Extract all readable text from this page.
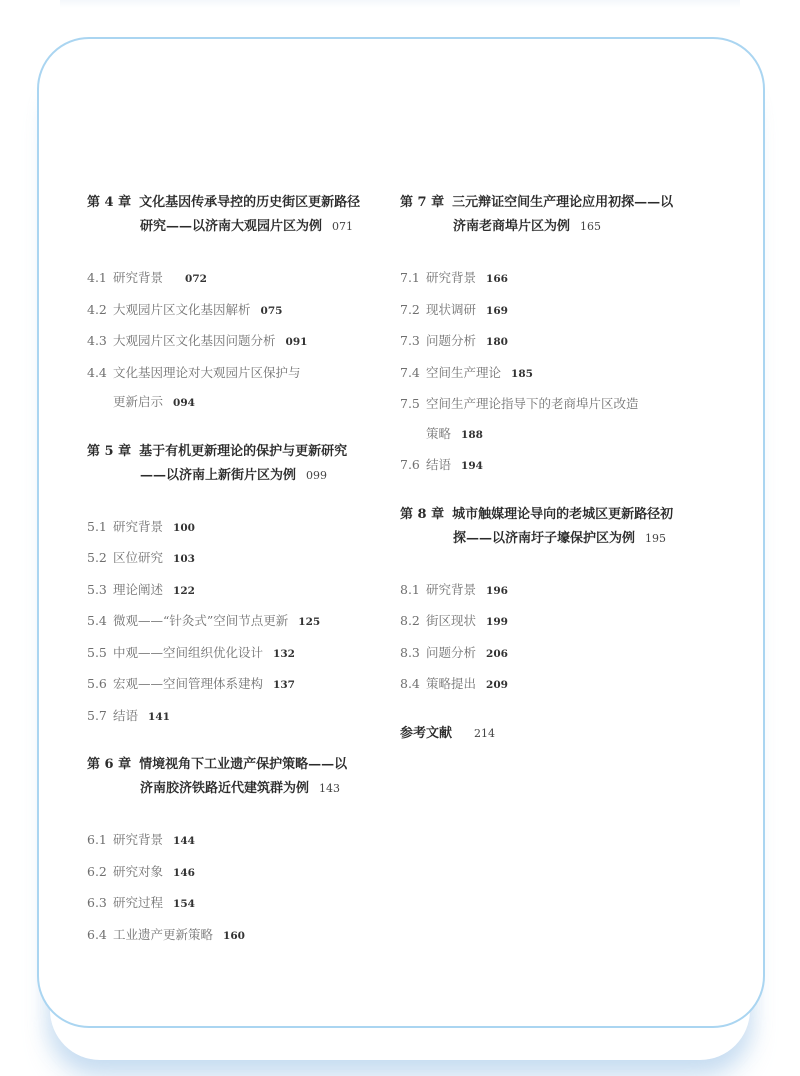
第 4 章 文化基因传承导控的历史街区更新路径
研究——以济南大观园片区为例 071
4.1 研究背景 072
4.2 大观园片区文化基因解析 075
4.3 大观园片区文化基因问题分析 091
4.4 文化基因理论对大观园片区保护与
更新启示 094
第 5 章 基于有机更新理论的保护与更新研究
——以济南上新街片区为例 099
5.1 研究背景 100
5.2 区位研究 103
5.3 理论阐述 122
5.4 微观——“针灸式”空间节点更新 125
5.5 中观——空间组织优化设计 132
5.6 宏观——空间管理体系建构 137
5.7 结语 141
第 6 章 情境视角下工业遗产保护策略——以
济南胶济铁路近代建筑群为例 143
6.1 研究背景 144
6.2 研究对象 146
6.3 研究过程 154
6.4 工业遗产更新策略 160
第 7 章 三元辩证空间生产理论应用初探——以
济南老商埠片区为例 165
7.1 研究背景 166
7.2 现状调研 169
7.3 问题分析 180
7.4 空间生产理论 185
7.5 空间生产理论指导下的老商埠片区改造
策略 188
7.6 结语 194
第 8 章 城市触媒理论导向的老城区更新路径初
探——以济南圩子壕保护区为例 195
8.1 研究背景 196
8.2 街区现状 199
8.3 问题分析 206
8.4 策略提出 209
参考文献 214
